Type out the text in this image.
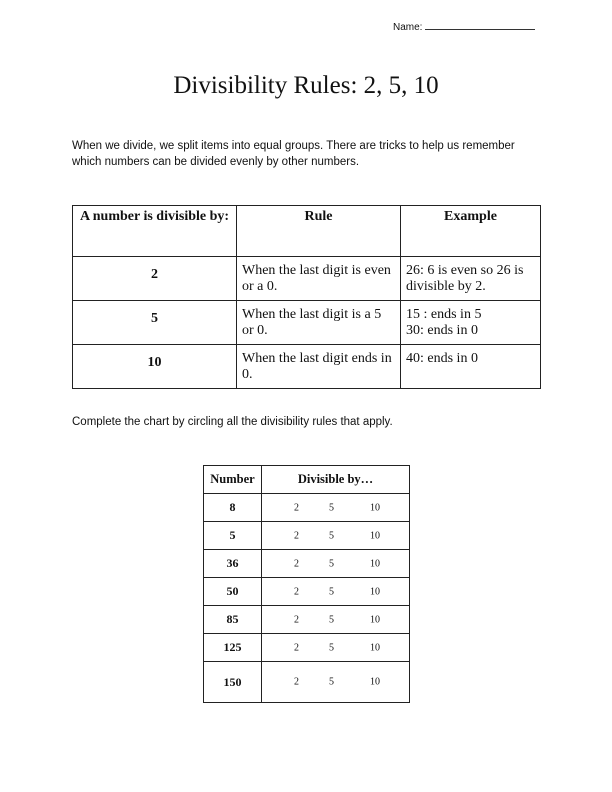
Name:
Divisibility Rules: 2, 5, 10

When we divide, we split items into equal groups. There are tricks to help us remember which numbers can be divided evenly by other numbers.

A number is divisible by:	Rule	Example
2	When the last digit is even or a 0.	26: 6 is even so 26 is
divisible by 2.

5	When the last digit is a 5 or 0.	15 : ends in 5
30: ends in 0

10	When the last digit ends in 0.	40: ends in 0

Complete the chart by circling all the divisibility rules that apply.

Number	Divisible by…
8	2 5 10

5	2 5 10

36	2 5 10

50	2 5 10

85	2 5 10

125	2 5 10

150	2 5 10
